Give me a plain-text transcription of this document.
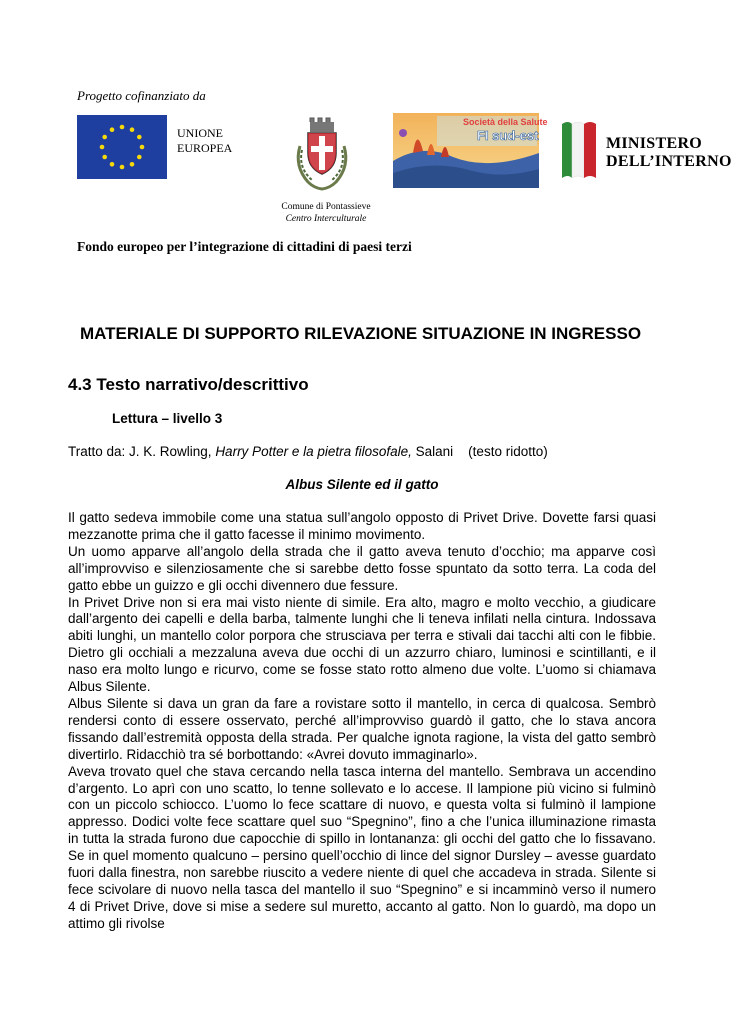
Progetto cofinanziato da
UNIONE
EUROPEA
Comune di Pontassieve
Centro Interculturale
Società della Salute
FI sud-est	MINISTERO
DELL’INTERNO
Fondo europeo per l’integrazione di cittadini di paesi terzi
MATERIALE DI SUPPORTO RILEVAZIONE SITUAZIONE IN INGRESSO
4.3 Testo narrativo/descrittivo
Lettura – livello 3
Tratto da: J. K. Rowling, Harry Potter e la pietra filosofale, Salani    (testo ridotto)
Albus Silente ed il gatto

Il gatto sedeva immobile come una statua sull’angolo opposto di Privet Drive. Dovette farsi quasi mezzanotte prima che il gatto facesse il minimo movimento.

Un uomo apparve all’angolo della strada che il gatto aveva tenuto d’occhio; ma apparve così all’improvviso e silenziosamente che si sarebbe detto fosse spuntato da sotto terra. La coda del gatto ebbe un guizzo e gli occhi divennero due fessure.

In Privet Drive non si era mai visto niente di simile. Era alto, magro e molto vecchio, a giudicare dall’argento dei capelli e della barba, talmente lunghi che li teneva infilati nella cintura. Indossava abiti lunghi, un mantello color porpora che strusciava per terra e stivali dai tacchi alti con le fibbie. Dietro gli occhiali a mezzaluna aveva due occhi di un azzurro chiaro, luminosi e scintillanti, e il naso era molto lungo e ricurvo, come se fosse stato rotto almeno due volte. L’uomo si chiamava Albus Silente.

Albus Silente si dava un gran da fare a rovistare sotto il mantello, in cerca di qualcosa. Sembrò rendersi conto di essere osservato, perché all’improvviso guardò il gatto, che lo stava ancora fissando dall’estremità opposta della strada. Per qualche ignota ragione, la vista del gatto sembrò divertirlo. Ridacchiò tra sé borbottando: «Avrei dovuto immaginarlo».

Aveva trovato quel che stava cercando nella tasca interna del mantello. Sembrava un accendino d’argento. Lo aprì con uno scatto, lo tenne sollevato e lo accese. Il lampione più vicino si fulminò con un piccolo schiocco. L’uomo lo fece scattare di nuovo, e questa volta si fulminò il lampione appresso. Dodici volte fece scattare quel suo “Spegnino”, fino a che l’unica illuminazione rimasta in tutta la strada furono due capocchie di spillo in lontananza: gli occhi del gatto che lo fissavano. Se in quel momento qualcuno – persino quell’occhio di lince del signor Dursley – avesse guardato fuori dalla finestra, non sarebbe riuscito a vedere niente di quel che accadeva in strada. Silente si fece scivolare di nuovo nella tasca del mantello il suo “Spegnino” e si incamminò verso il numero 4 di Privet Drive, dove si mise a sedere sul muretto, accanto al gatto. Non lo guardò, ma dopo un attimo gli rivolse
